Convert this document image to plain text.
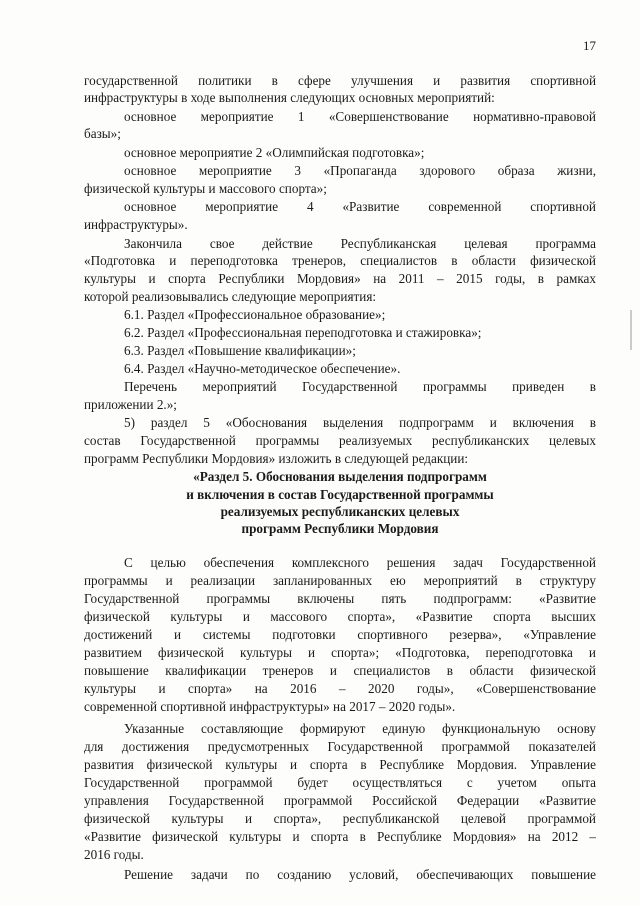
17
государственной политики в сфере улучшения и развития спортивной
инфраструктуры в ходе выполнения следующих основных мероприятий:
основное мероприятие 1 «Совершенствование нормативно-правовой
базы»;
основное мероприятие 2 «Олимпийская подготовка»;
основное мероприятие 3 «Пропаганда здорового образа жизни,
физической культуры и массового спорта»;
основное мероприятие 4 «Развитие современной спортивной
инфраструктуры».
Закончила свое действие Республиканская целевая программа
«Подготовка и переподготовка тренеров, специалистов в области физической
культуры и спорта Республики Мордовия» на 2011 – 2015 годы, в рамках
которой реализовывались следующие мероприятия:
6.1. Раздел «Профессиональное образование»;
6.2. Раздел «Профессиональная переподготовка и стажировка»;
6.3. Раздел «Повышение квалификации»;
6.4. Раздел «Научно-методическое обеспечение».
Перечень мероприятий Государственной программы приведен в
приложении 2.»;
5) раздел 5 «Обоснования выделения подпрограмм и включения в
состав Государственной программы реализуемых республиканских целевых
программ Республики Мордовия» изложить в следующей редакции:
«Раздел 5. Обоснования выделения подпрограмм
и включения в состав Государственной программы
реализуемых республиканских целевых
программ Республики Мордовия
С целью обеспечения комплексного решения задач Государственной
программы и реализации запланированных ею мероприятий в структуру
Государственной программы включены пять подпрограмм: «Развитие
физической культуры и массового спорта», «Развитие спорта высших
достижений и системы подготовки спортивного резерва», «Управление
развитием физической культуры и спорта»; «Подготовка, переподготовка и
повышение квалификации тренеров и специалистов в области физической
культуры и спорта» на 2016 – 2020 годы», «Совершенствование
современной спортивной инфраструктуры» на 2017 – 2020 годы».
Указанные составляющие формируют единую функциональную основу
для достижения предусмотренных Государственной программой показателей
развития физической культуры и спорта в Республике Мордовия. Управление
Государственной программой будет осуществляться с учетом опыта
управления Государственной программой Российской Федерации «Развитие
физической культуры и спорта», республиканской целевой программой
«Развитие физической культуры и спорта в Республике Мордовия» на 2012 –
2016 годы.
Решение задачи по созданию условий, обеспечивающих повышение
